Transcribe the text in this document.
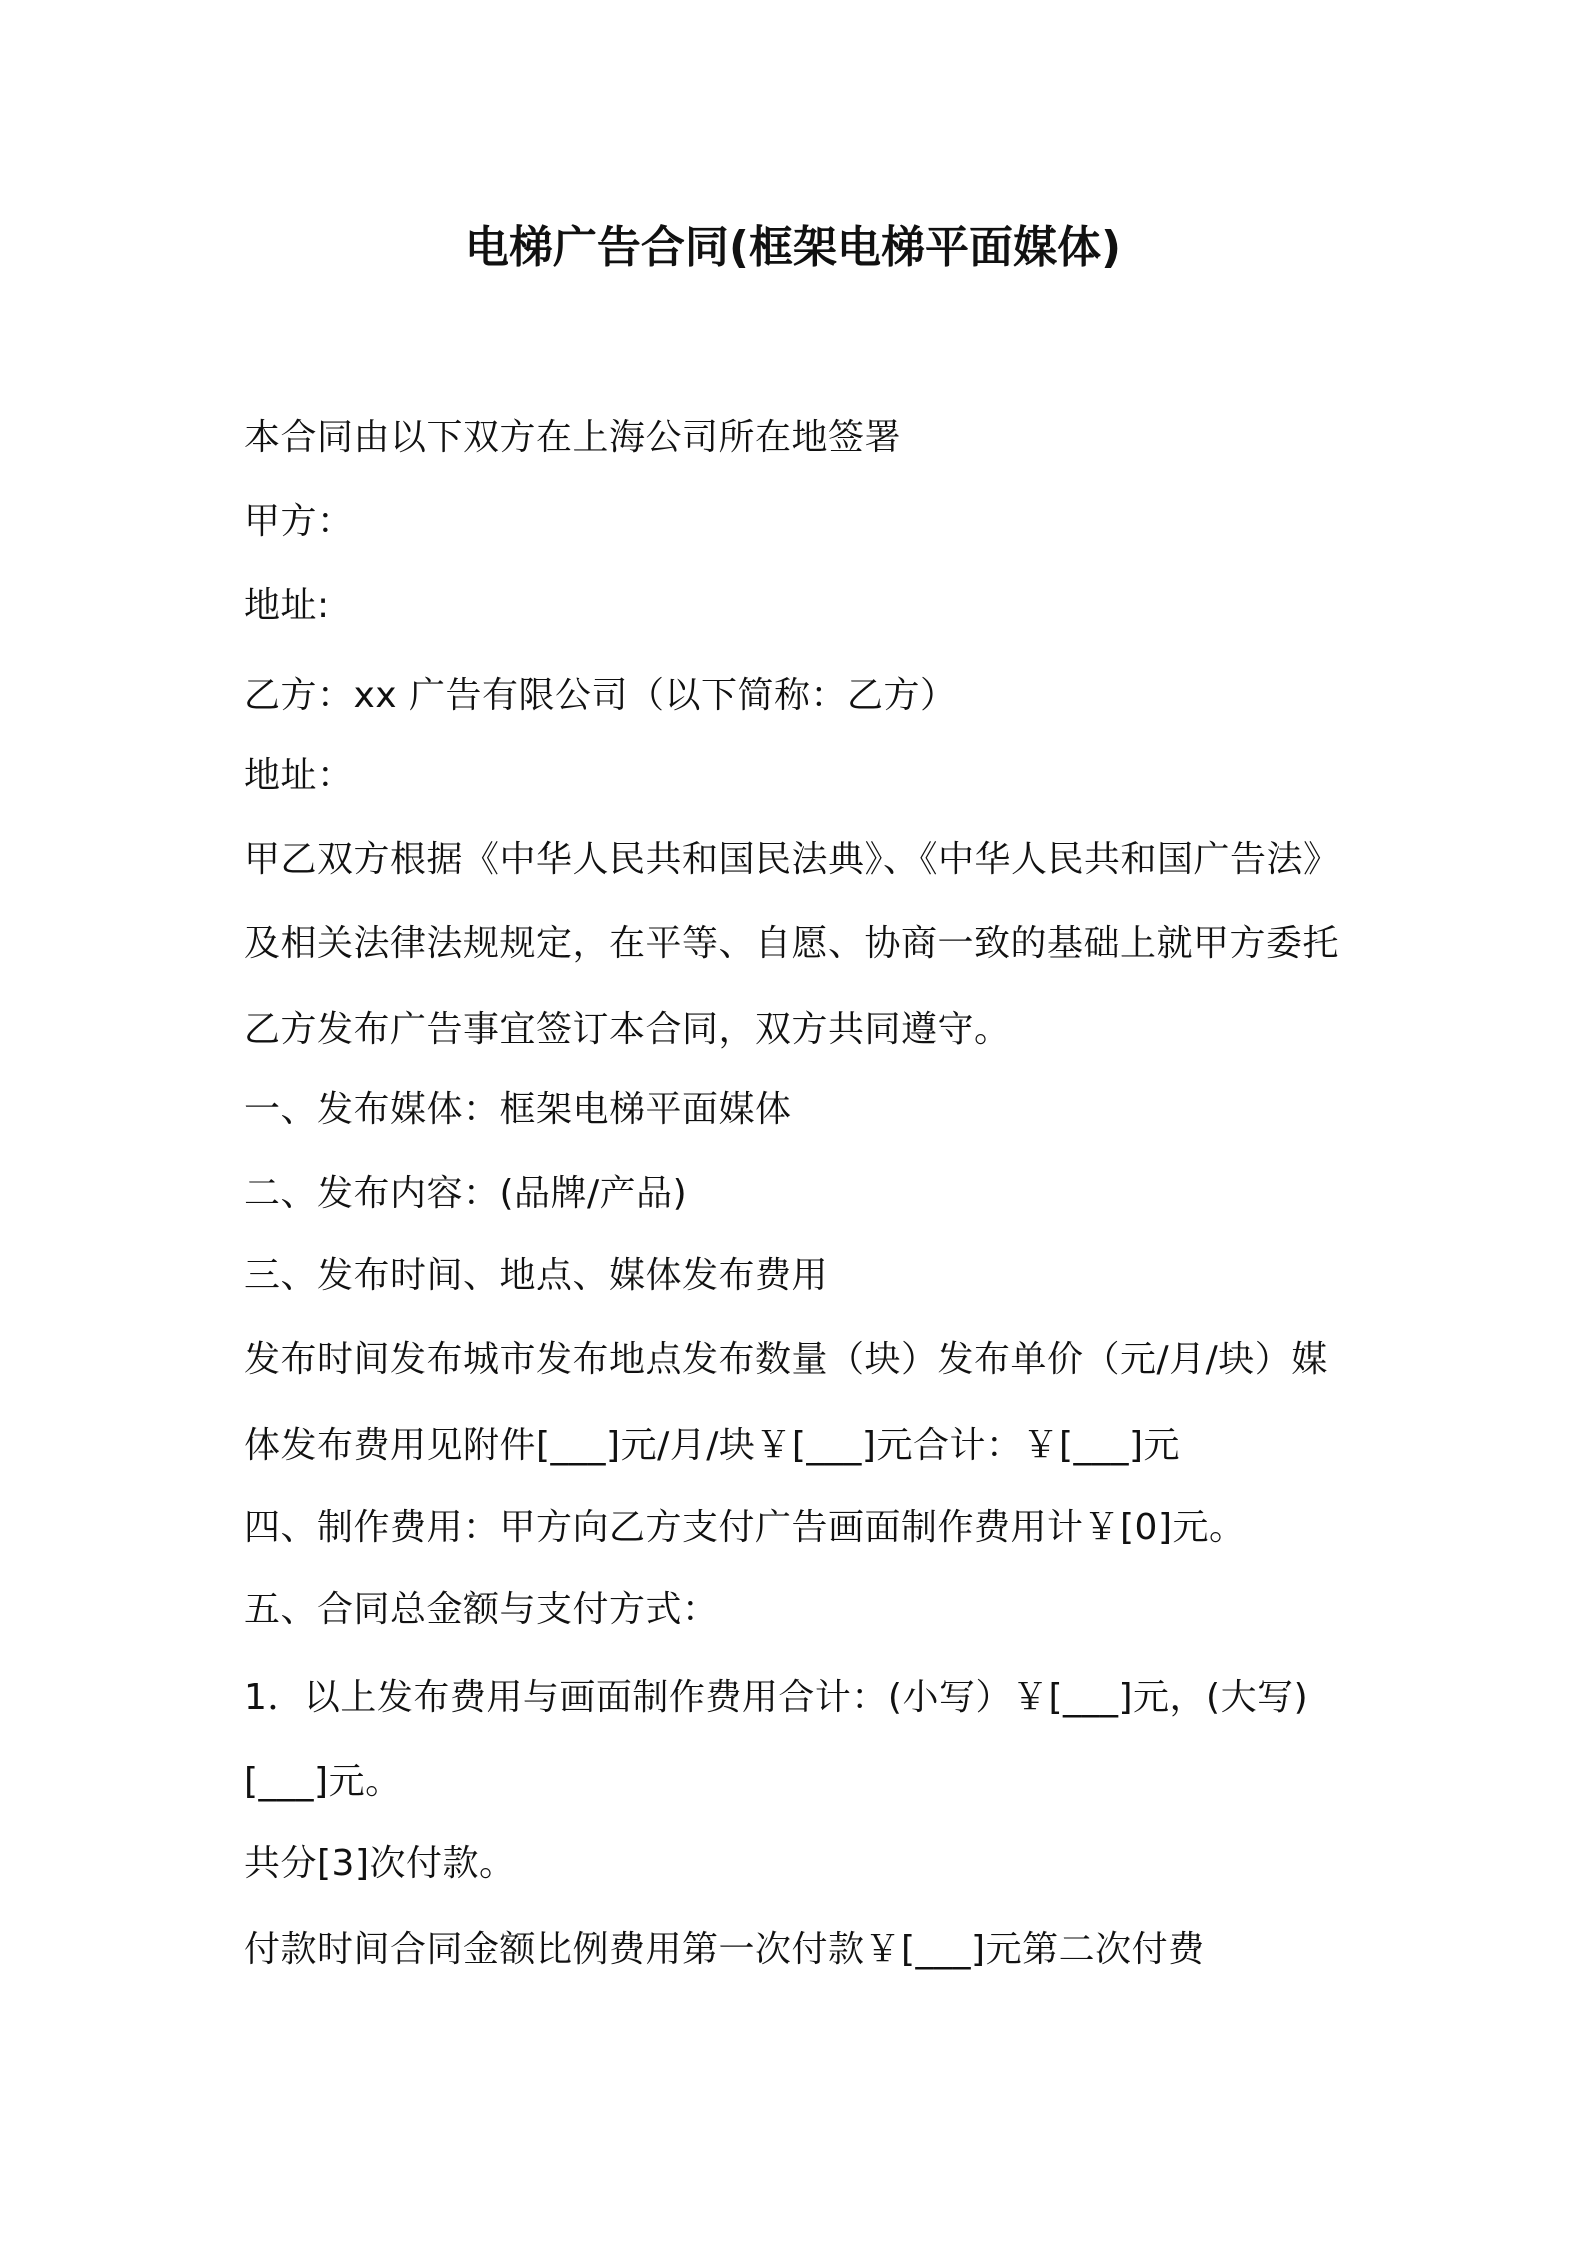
电梯广告合同(框架电梯平面媒体)
本合同由以下双方在上海公司所在地签署
甲方：
地址:
乙方：xx 广告有限公司（以下简称：乙方）
地址：
甲乙双方根据《中华人民共和国民法典》、《中华人民共和国广告法》
及相关法律法规规定，在平等、自愿、协商一致的基础上就甲方委托
乙方发布广告事宜签订本合同，双方共同遵守。
一、发布媒体：框架电梯平面媒体
二、发布内容：(品牌/产品)
三、发布时间、地点、媒体发布费用
发布时间发布城市发布地点发布数量（块）发布单价（元/月/块）媒
体发布费用见附件[___]元/月/块￥[___]元合计：￥[___]元
四、制作费用：甲方向乙方支付广告画面制作费用计￥[0]元。
五、合同总金额与支付方式：
1．以上发布费用与画面制作费用合计：(小写）￥[___]元，(大写)
[___]元。
共分[3]次付款。
付款时间合同金额比例费用第一次付款￥[___]元第二次付费
